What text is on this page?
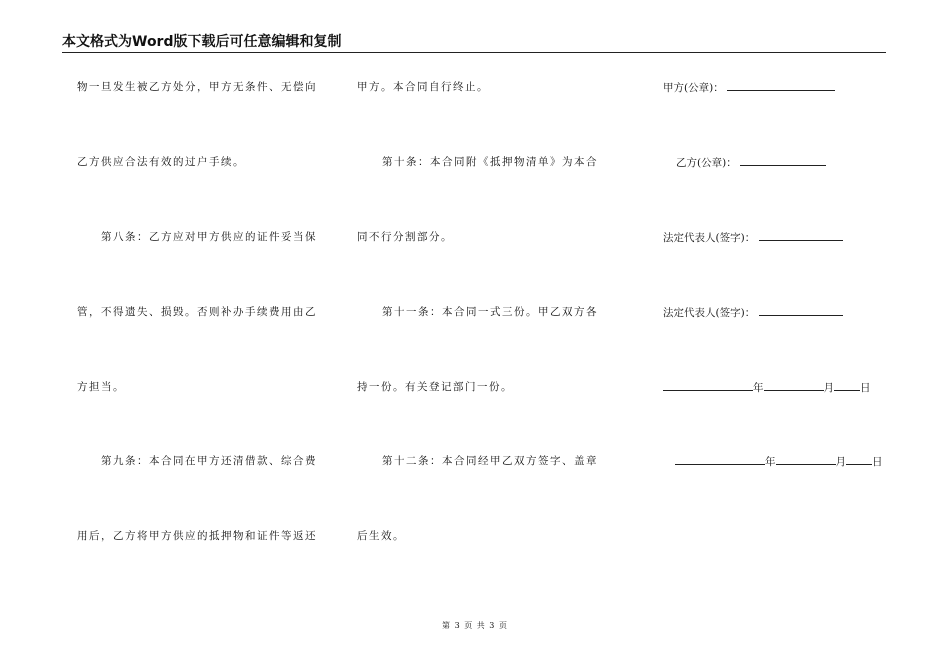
本文格式为Word版下载后可任意编辑和复制
物一旦发生被乙方处分，甲方无条件、无偿向
乙方供应合法有效的过户手续。
第八条：乙方应对甲方供应的证件妥当保
管，不得遗失、损毁。否则补办手续费用由乙
方担当。
第九条：本合同在甲方还清借款、综合费
用后，乙方将甲方供应的抵押物和证件等返还
甲方。本合同自行终止。
第十条：本合同附《抵押物清单》为本合
同不行分割部分。
第十一条：本合同一式三份。甲乙双方各
持一份。有关登记部门一份。
第十二条：本合同经甲乙双方签字、盖章
后生效。
甲方(公章)：
乙方(公章)：
法定代表人(签字)：
法定代表人(签字)：
年	月 日
年	月 日
第 3 页 共 3 页
